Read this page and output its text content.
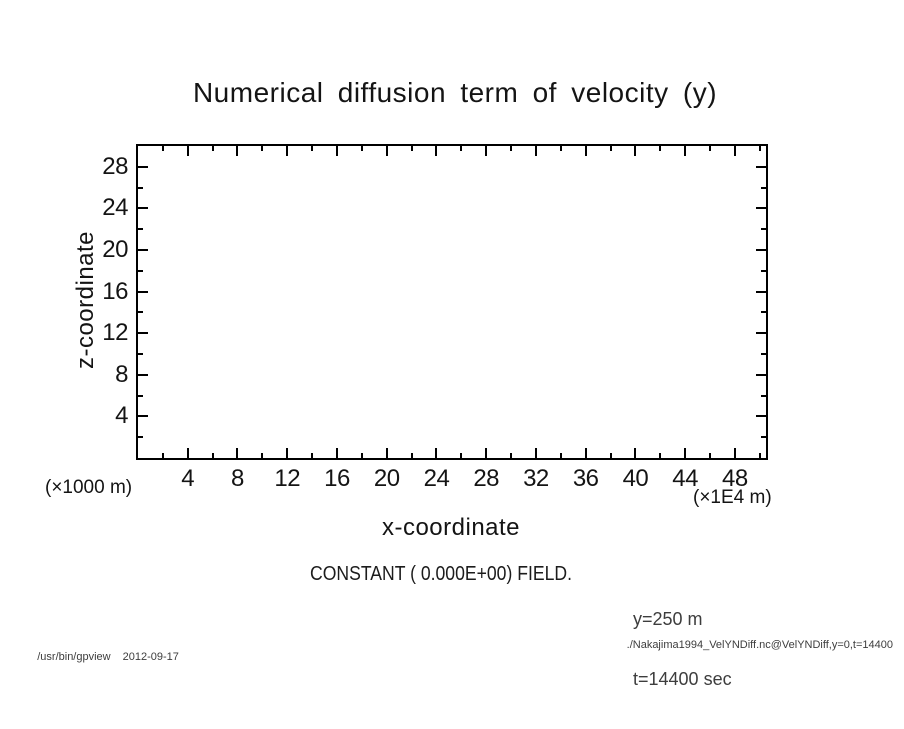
Numerical diffusion term of velocity (y)
z-coordinate
4 8 12 16 20 24 28 32 36 40 44 48
4
8
12
16
20
24
28
(×1000 m)	(×1E4 m)
x-coordinate
CONSTANT ( 0.000E+00) FIELD.

y=250 m

t=14400 sec

/usr/bin/gpview 2012-09-17

./Nakajima1994_VelYNDiff.nc@VelYNDiff,y=0,t=14400
